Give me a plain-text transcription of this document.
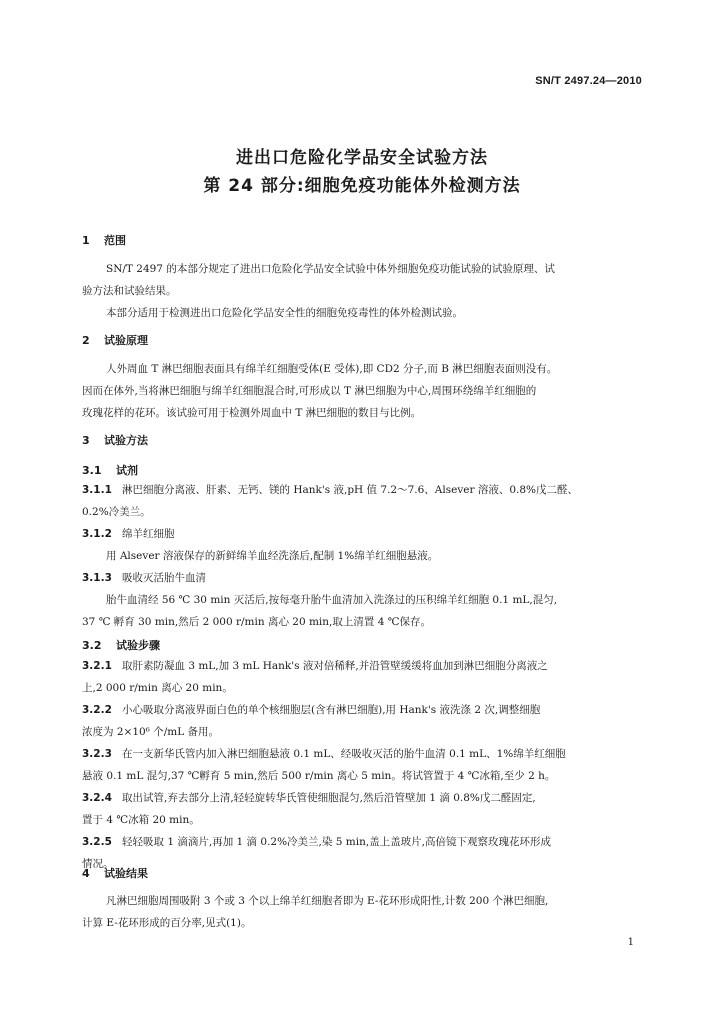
SN/T 2497.24—2010
进出口危险化学品安全试验方法
第 24 部分:细胞免疫功能体外检测方法
1 范围
SN/T 2497 的本部分规定了进出口危险化学品安全试验中体外细胞免疫功能试验的试验原理、试
验方法和试验结果。
本部分适用于检测进出口危险化学品安全性的细胞免疫毒性的体外检测试验。
2 试验原理
人外周血 T 淋巴细胞表面具有绵羊红细胞受体(E 受体),即 CD2 分子,而 B 淋巴细胞表面则没有。
因而在体外,当将淋巴细胞与绵羊红细胞混合时,可形成以 T 淋巴细胞为中心,周围环绕绵羊红细胞的
玫瑰花样的花环。该试验可用于检测外周血中 T 淋巴细胞的数目与比例。
3 试验方法
3.1 试剂
3.1.1 淋巴细胞分离液、肝素、无钙、镁的 Hank's 液,pH 值 7.2～7.6、Alsever 溶液、0.8%戊二醛、
0.2%冷美兰。
3.1.2 绵羊红细胞
用 Alsever 溶液保存的新鲜绵羊血经洗涤后,配制 1%绵羊红细胞悬液。
3.1.3 吸收灭活胎牛血清
胎牛血清经 56 ℃ 30 min 灭活后,按每毫升胎牛血清加入洗涤过的压积绵羊红细胞 0.1 mL,混匀,
37 ℃ 孵育 30 min,然后 2 000 r/min 离心 20 min,取上清置 4 ℃保存。
3.2 试验步骤
3.2.1 取肝素防凝血 3 mL,加 3 mL Hank's 液对倍稀释,并沿管壁缓缓将血加到淋巴细胞分离液之
上,2 000 r/min 离心 20 min。
3.2.2 小心吸取分离液界面白色的单个核细胞层(含有淋巴细胞),用 Hank's 液洗涤 2 次,调整细胞
浓度为 2×10⁶ 个/mL 备用。
3.2.3 在一支新华氏管内加入淋巴细胞悬液 0.1 mL、经吸收灭活的胎牛血清 0.1 mL、1%绵羊红细胞
悬液 0.1 mL 混匀,37 ℃孵育 5 min,然后 500 r/min 离心 5 min。将试管置于 4 ℃冰箱,至少 2 h。
3.2.4 取出试管,弃去部分上清,轻轻旋转华氏管使细胞混匀,然后沿管壁加 1 滴 0.8%戊二醛固定,
置于 4 ℃冰箱 20 min。
3.2.5 轻轻吸取 1 滴滴片,再加 1 滴 0.2%冷美兰,染 5 min,盖上盖玻片,高倍镜下观察玫瑰花环形成
情况。
4 试验结果
凡淋巴细胞周围吸附 3 个或 3 个以上绵羊红细胞者即为 E-花环形成阳性,计数 200 个淋巴细胞,
计算 E-花环形成的百分率,见式(1)。
1
